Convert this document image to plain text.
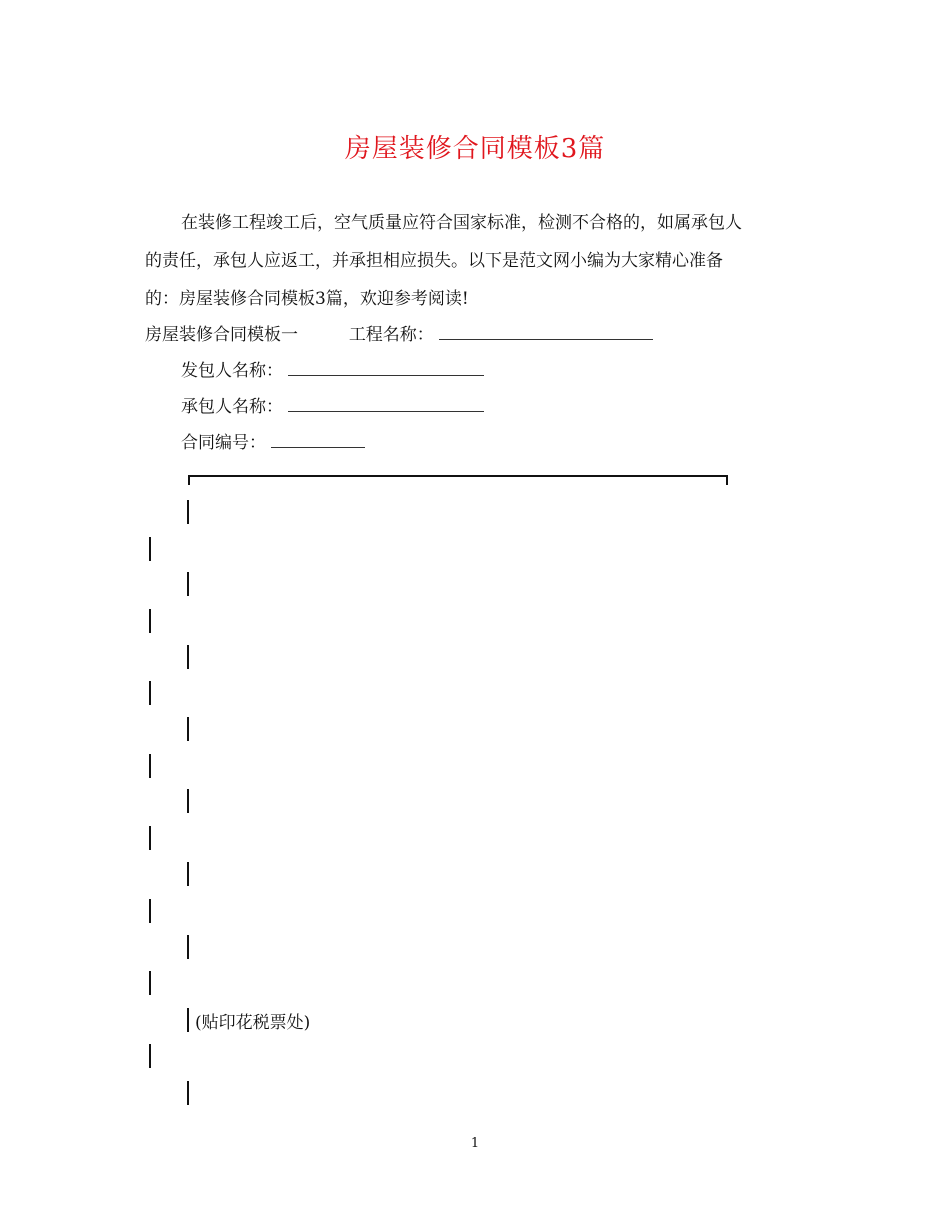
房屋装修合同模板3篇
在装修工程竣工后，空气质量应符合国家标准，检测不合格的，如属承包人
的责任，承包人应返工，并承担相应损失。以下是范文网小编为大家精心准备
的：房屋装修合同模板3篇，欢迎参考阅读!
房屋装修合同模板一	工程名称：
发包人名称：
承包人名称：
合同编号：
(贴印花税票处)
1
